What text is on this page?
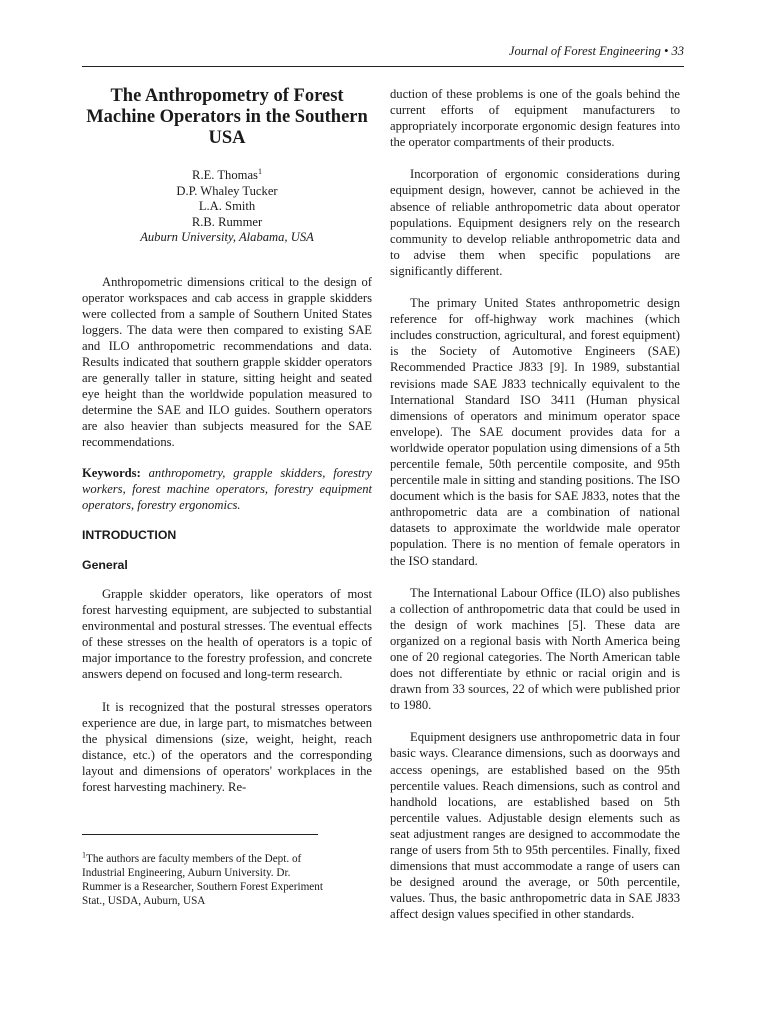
Journal of Forest Engineering • 33
The Anthropometry of Forest Machine Operators in the Southern USA
R.E. Thomas$^1$
D.P. Whaley Tucker
L.A. Smith
R.B. Rummer
Auburn University, Alabama, USA

Anthropometric dimensions critical to the design of operator workspaces and cab access in grapple skidders were collected from a sample of Southern United States loggers. The data were then compared to existing SAE and ILO anthropometric recommendations and data. Results indicated that southern grapple skidder operators are generally taller in stature, sitting height and seated eye height than the worldwide population measured to determine the SAE and ILO guides. Southern operators are also heavier than subjects measured for the SAE recommendations.

Keywords: anthropometry, grapple skidders, forestry workers, forest machine operators, forestry equipment operators, forestry ergonomics.

INTRODUCTION
General

Grapple skidder operators, like operators of most forest harvesting equipment, are subjected to substantial environmental and postural stresses. The eventual effects of these stresses on the health of operators is a topic of major importance to the forestry profession, and concrete answers depend on focused and long-term research.

It is recognized that the postural stresses operators experience are due, in large part, to mismatches between the physical dimensions (size, weight, height, reach distance, etc.) of the operators and the corresponding layout and dimensions of operators' workplaces in the forest harvesting machinery. Re-

duction of these problems is one of the goals behind the current efforts of equipment manufacturers to appropriately incorporate ergonomic design features into the operator compartments of their products.

Incorporation of ergonomic considerations during equipment design, however, cannot be achieved in the absence of reliable anthropometric data about operator populations. Equipment designers rely on the research community to develop reliable anthropometric data and to advise them when specific populations are significantly different.

The primary United States anthropometric design reference for off-highway work machines (which includes construction, agricultural, and forest equipment) is the Society of Automotive Engineers (SAE) Recommended Practice J833 [9]. In 1989, substantial revisions made SAE J833 technically equivalent to the International Standard ISO 3411 (Human physical dimensions of operators and minimum operator space envelope). The SAE document provides data for a worldwide operator population using dimensions of a 5th percentile female, 50th percentile composite, and 95th percentile male in sitting and standing positions. The ISO document which is the basis for SAE J833, notes that the anthropometric data are a combination of national datasets to approximate the worldwide male operator population. There is no mention of female operators in the ISO standard.

The International Labour Office (ILO) also publishes a collection of anthropometric data that could be used in the design of work machines [5]. These data are organized on a regional basis with North America being one of 20 regional categories. The North American table does not differentiate by ethnic or racial origin and is drawn from 33 sources, 22 of which were published prior to 1980.

Equipment designers use anthropometric data in four basic ways. Clearance dimensions, such as doorways and access openings, are established based on the 95th percentile values. Reach dimensions, such as control and handhold locations, are established based on 5th percentile values. Adjustable design elements such as seat adjustment ranges are designed to accommodate the range of users from 5th to 95th percentiles. Finally, fixed dimensions that must accommodate a range of users can be designed around the average, or 50th percentile, values. Thus, the basic anthropometric data in SAE J833 affect design values specified in other standards.

$^1$The authors are faculty members of the Dept. of Industrial Engineering, Auburn University. Dr. Rummer is a Researcher, Southern Forest Experiment Stat., USDA, Auburn, USA
